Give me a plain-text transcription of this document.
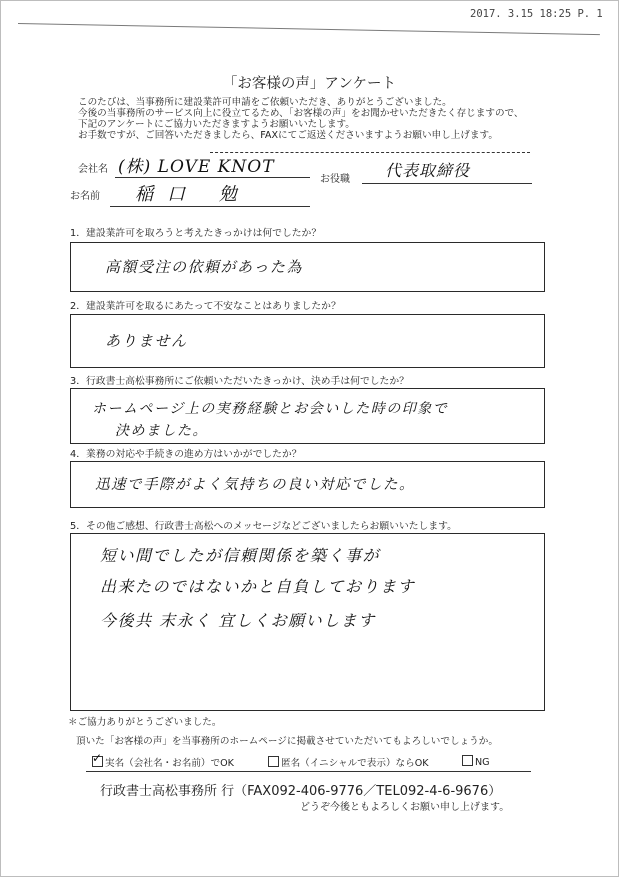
2017. 3.15 18:25 P. 1
「お客様の声」アンケート
このたびは、当事務所に建設業許可申請をご依頼いただき、ありがとうございました。
今後の当事務所のサービス向上に役立てるため、「お客様の声」をお聞かせいただきたく存じますので、
下記のアンケートにご協力いただきますようお願いいたします。
お手数ですが、ご回答いただきましたら、FAXにてご返送くださいますようお願い申し上げます。
会社名 (株) LOVE KNOT
お役職 代表取締役
お名前 稲口 勉
1．建設業許可を取ろうと考えたきっかけは何でしたか？
高額受注の依頼があった為
2．建設業許可を取るにあたって不安なことはありましたか？
ありません
3．行政書士高松事務所にご依頼いただいたきっかけ、決め手は何でしたか？
ホームページ上の実務経験とお会いした時の印象で
決めました。
4．業務の対応や手続きの進め方はいかがでしたか？
迅速で手際がよく気持ちの良い対応でした。
5．その他ご感想、行政書士高松へのメッセージなどございましたらお願いいたします。
短い間でしたが信頼関係を築く事が
出来たのではないかと自負しております
今後共 末永く 宜しくお願いします
＊ご協力ありがとうございました。
頂いた「お客様の声」を当事務所のホームページに掲載させていただいてもよろしいでしょうか。
✓実名（会社名・お名前）でOK	匿名（イニシャルで表示）ならOK	NG
行政書士高松事務所 行（FAX092-406-9776／TEL092-4-6-9676）
どうぞ今後ともよろしくお願い申し上げます。
